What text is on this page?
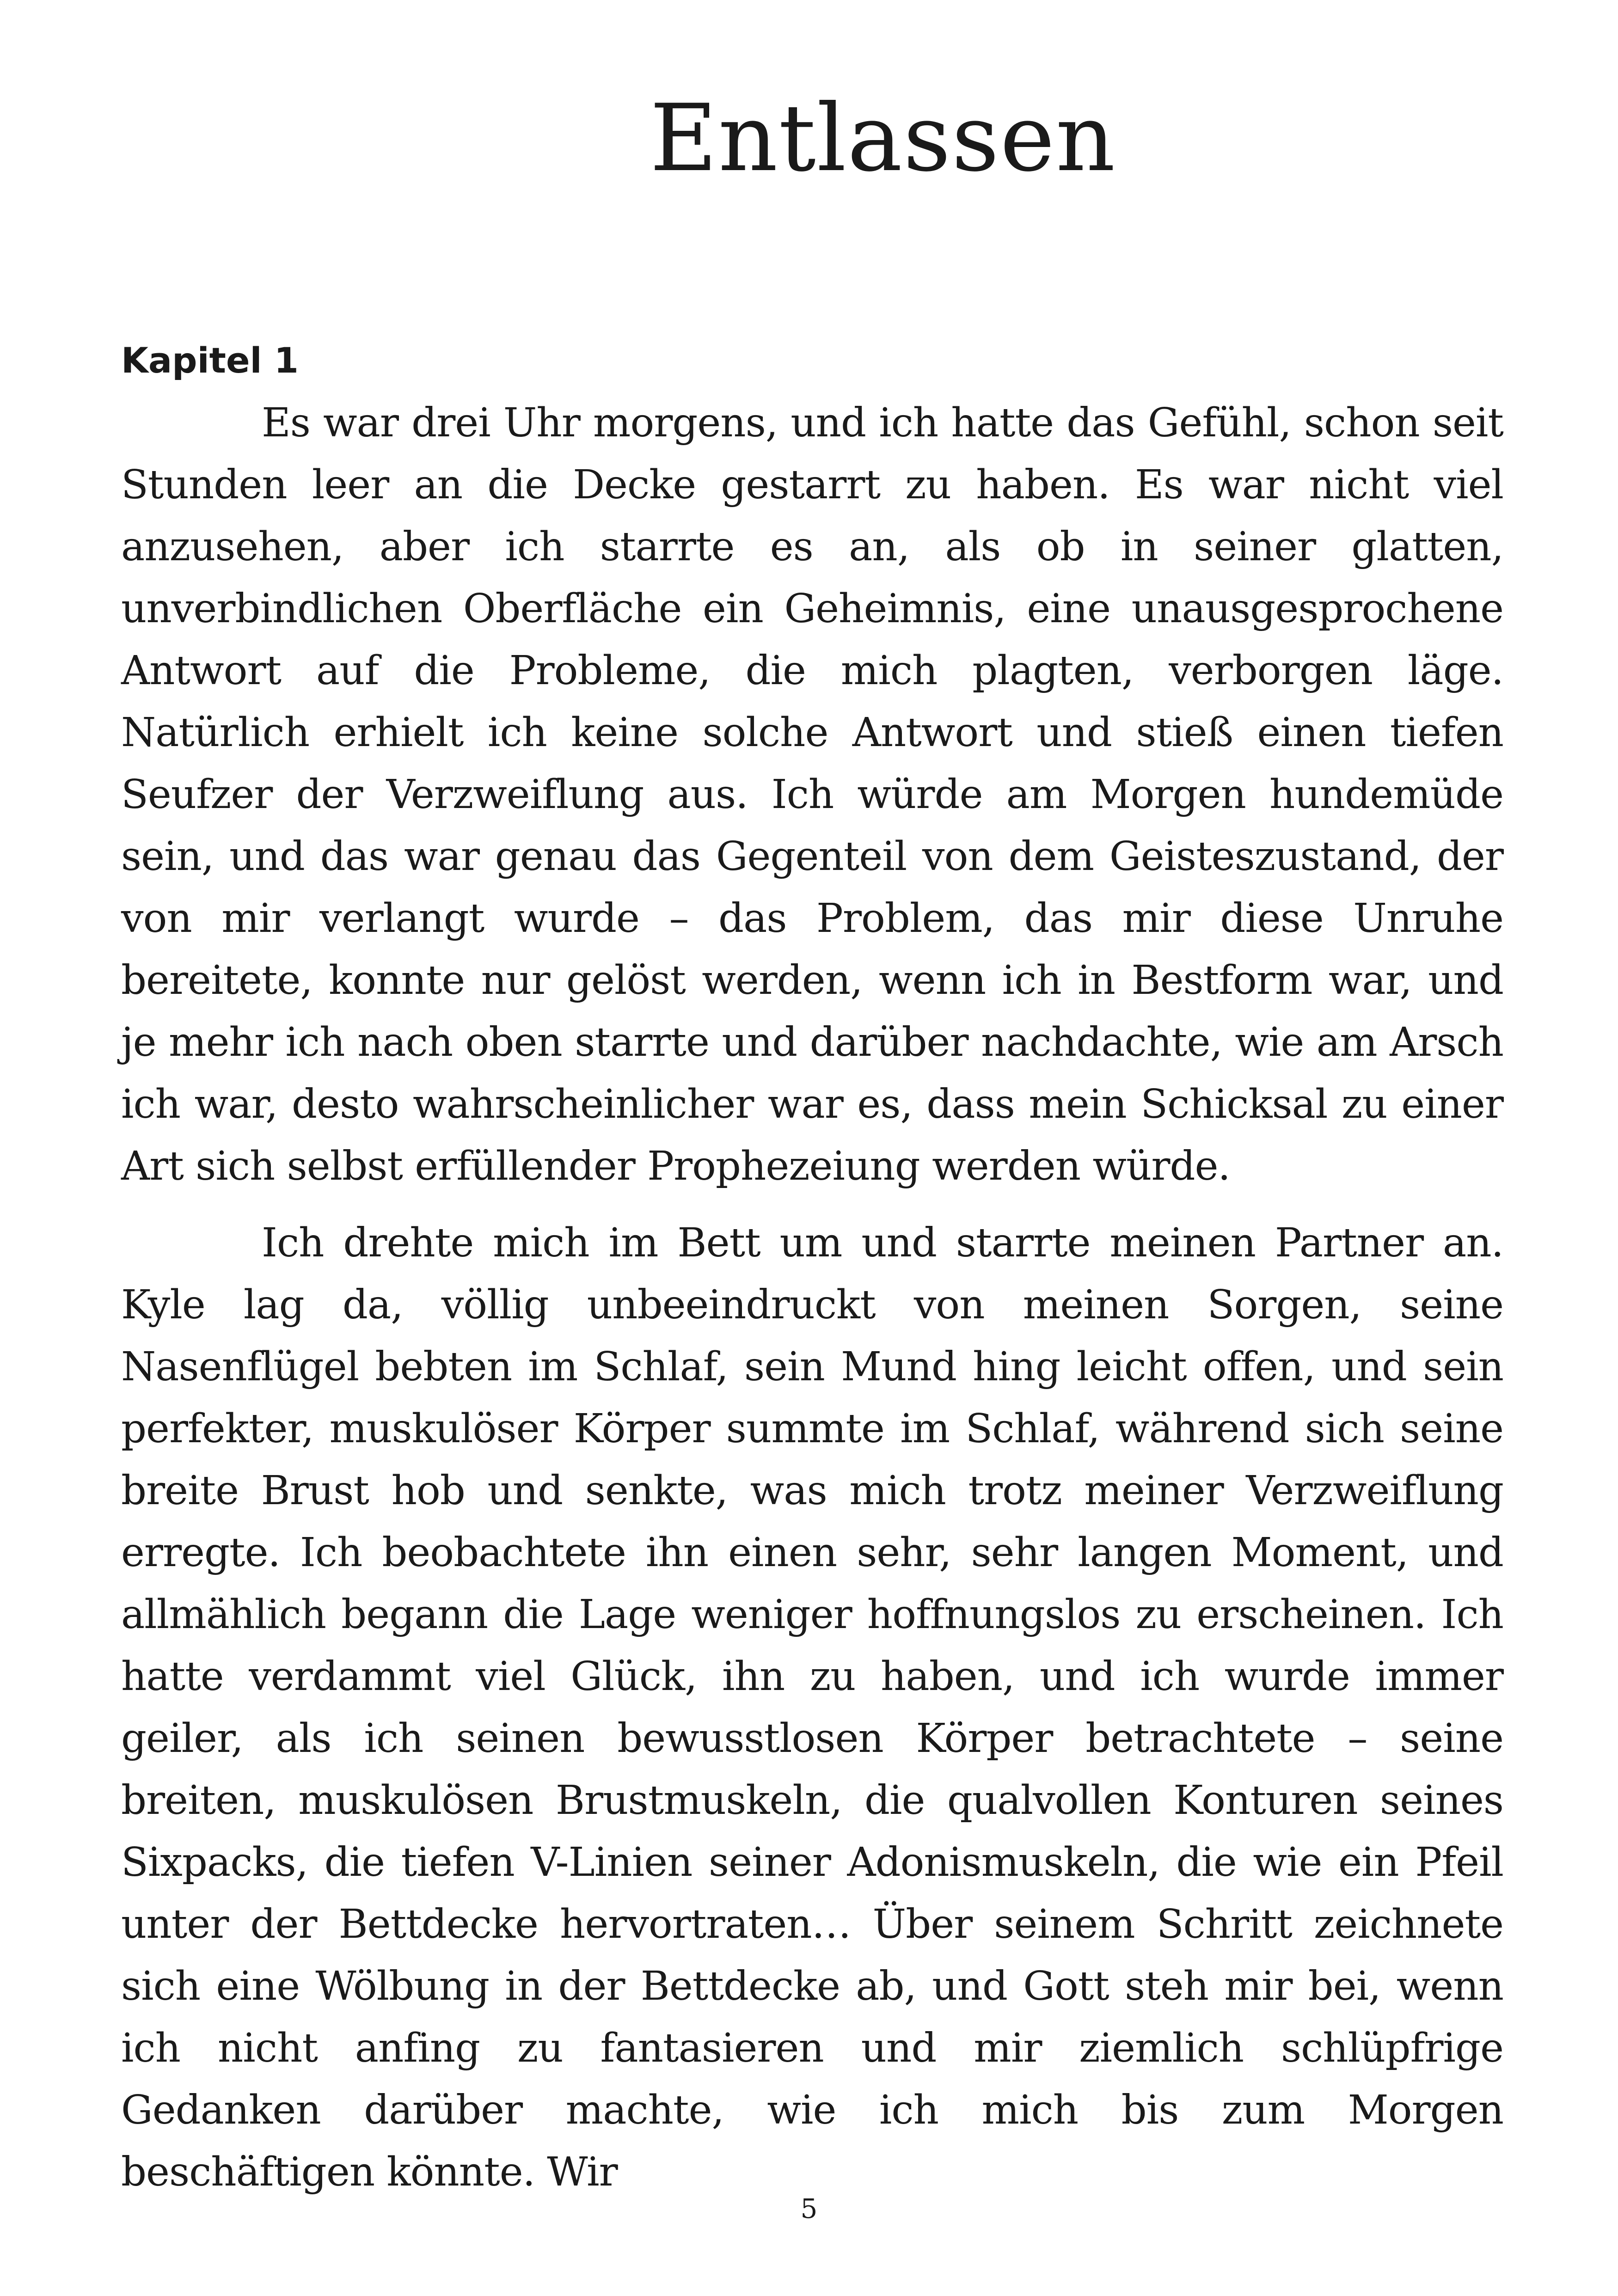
Entlassen
Kapitel 1

Es war drei Uhr morgens, und ich hatte das Gefühl, schon seit Stunden leer an die Decke gestarrt zu haben. Es war nicht viel anzusehen, aber ich starrte es an, als ob in seiner glatten, unverbindlichen Oberfläche ein Geheimnis, eine unausgesprochene Antwort auf die Probleme, die mich plagten, verborgen läge. Natürlich erhielt ich keine solche Antwort und stieß einen tiefen Seufzer der Verzweiflung aus. Ich würde am Morgen hundemüde sein, und das war genau das Gegenteil von dem Geisteszustand, der von mir verlangt wurde – das Problem, das mir diese Unruhe bereitete, konnte nur gelöst werden, wenn ich in Bestform war, und je mehr ich nach oben starrte und darüber nachdachte, wie am Arsch ich war, desto wahrscheinlicher war es, dass mein Schicksal zu einer Art sich selbst erfüllender Prophezeiung werden würde.

Ich drehte mich im Bett um und starrte meinen Partner an. Kyle lag da, völlig unbeeindruckt von meinen Sorgen, seine Nasenflügel bebten im Schlaf, sein Mund hing leicht offen, und sein perfekter, muskulöser Körper summte im Schlaf, während sich seine breite Brust hob und senkte, was mich trotz meiner Verzweiflung erregte. Ich beobachtete ihn einen sehr, sehr langen Moment, und allmählich begann die Lage weniger hoffnungslos zu erscheinen. Ich hatte verdammt viel Glück, ihn zu haben, und ich wurde immer geiler, als ich seinen bewusstlosen Körper betrachtete – seine breiten, muskulösen Brustmuskeln, die qualvollen Konturen seines Sixpacks, die tiefen V-Linien seiner Adonismuskeln, die wie ein Pfeil unter der Bettdecke hervortraten… Über seinem Schritt zeichnete sich eine Wölbung in der Bettdecke ab, und Gott steh mir bei, wenn ich nicht anfing zu fantasieren und mir ziemlich schlüpfrige Gedanken darüber machte, wie ich mich bis zum Morgen beschäftigen könnte. Wir

5
